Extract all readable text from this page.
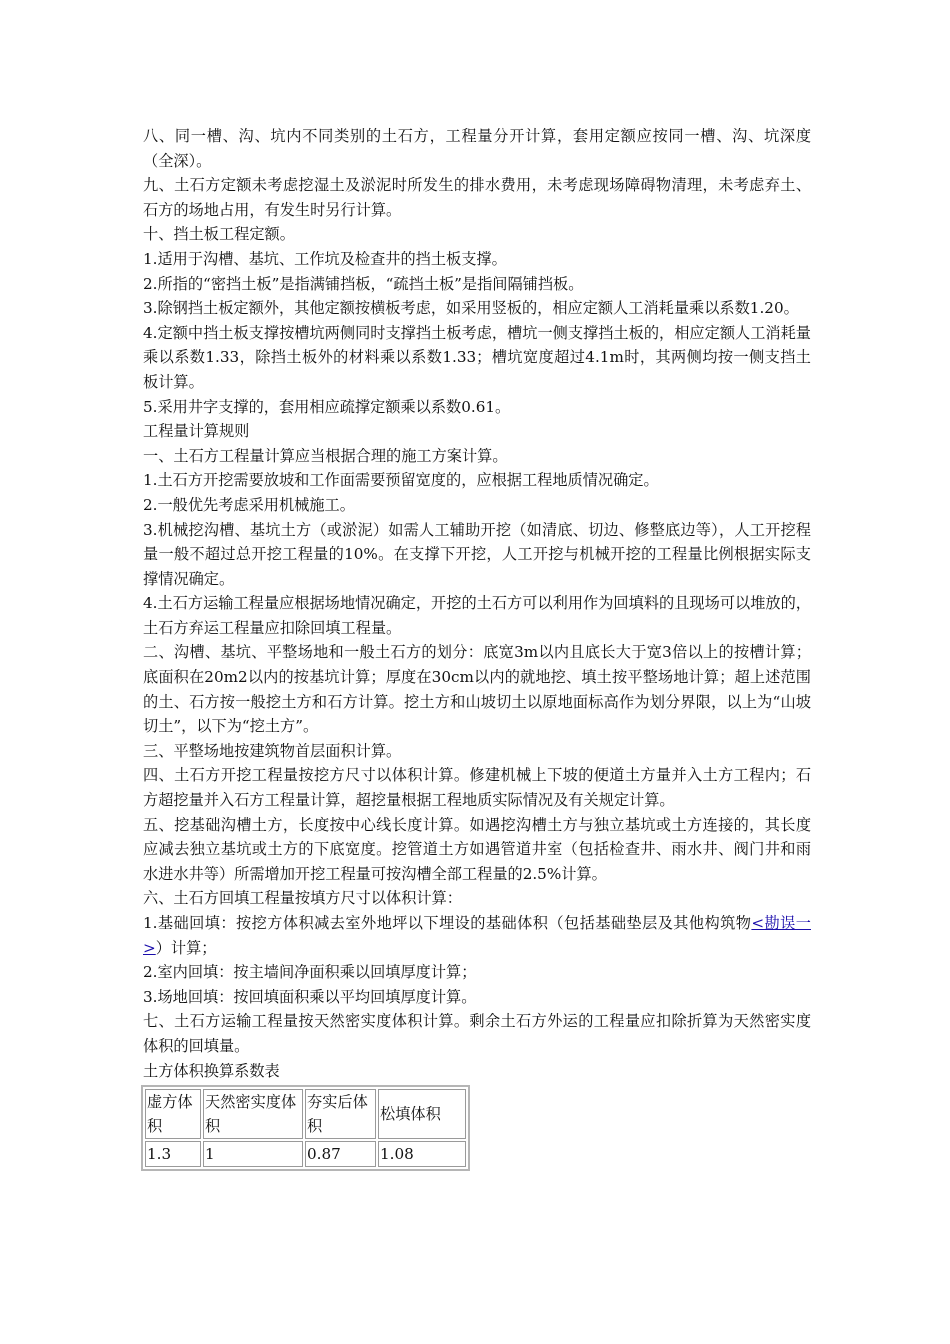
八、同一槽、沟、坑内不同类别的土石方，工程量分开计算，套用定额应按同一槽、沟、坑深度（全深）。

九、土石方定额未考虑挖湿土及淤泥时所发生的排水费用，未考虑现场障碍物清理，未考虑弃土、石方的场地占用，有发生时另行计算。

十、挡土板工程定额。

1.适用于沟槽、基坑、工作坑及检查井的挡土板支撑。

2.所指的“密挡土板”是指满铺挡板，“疏挡土板”是指间隔铺挡板。

3.除钢挡土板定额外，其他定额按横板考虑，如采用竖板的，相应定额人工消耗量乘以系数1.20。

4.定额中挡土板支撑按槽坑两侧同时支撑挡土板考虑，槽坑一侧支撑挡土板的，相应定额人工消耗量乘以系数1.33，除挡土板外的材料乘以系数1.33；槽坑宽度超过4.1m时，其两侧均按一侧支挡土板计算。

5.采用井字支撑的，套用相应疏撑定额乘以系数0.61。

工程量计算规则

一、土石方工程量计算应当根据合理的施工方案计算。

1.土石方开挖需要放坡和工作面需要预留宽度的，应根据工程地质情况确定。

2.一般优先考虑采用机械施工。

3.机械挖沟槽、基坑土方（或淤泥）如需人工辅助开挖（如清底、切边、修整底边等），人工开挖程量一般不超过总开挖工程量的10%。在支撑下开挖，人工开挖与机械开挖的工程量比例根据实际支撑情况确定。

4.土石方运输工程量应根据场地情况确定，开挖的土石方可以利用作为回填料的且现场可以堆放的，土石方弃运工程量应扣除回填工程量。

二、沟槽、基坑、平整场地和一般土石方的划分：底宽3m以内且底长大于宽3倍以上的按槽计算；底面积在20m2以内的按基坑计算；厚度在30cm以内的就地挖、填土按平整场地计算；超上述范围的土、石方按一般挖土方和石方计算。挖土方和山坡切土以原地面标高作为划分界限，以上为“山坡切土”，以下为“挖土方”。

三、平整场地按建筑物首层面积计算。

四、土石方开挖工程量按挖方尺寸以体积计算。修建机械上下坡的便道土方量并入土方工程内；石方超挖量并入石方工程量计算，超挖量根据工程地质实际情况及有关规定计算。

五、挖基础沟槽土方，长度按中心线长度计算。如遇挖沟槽土方与独立基坑或土方连接的，其长度应减去独立基坑或土方的下底宽度。挖管道土方如遇管道井室（包括检查井、雨水井、阀门井和雨水进水井等）所需增加开挖工程量可按沟槽全部工程量的2.5%计算。

六、土石方回填工程量按填方尺寸以体积计算：

1.基础回填：按挖方体积减去室外地坪以下埋设的基础体积（包括基础垫层及其他构筑物<勘误一>）计算；

2.室内回填：按主墙间净面积乘以回填厚度计算；

3.场地回填：按回填面积乘以平均回填厚度计算。

七、土石方运输工程量按天然密实度体积计算。剩余土石方外运的工程量应扣除折算为天然密实度体积的回填量。

土方体积换算系数表

虚方体积	天然密实度体积	夯实后体积	松填体积
1.3	1	0.87	1.08
